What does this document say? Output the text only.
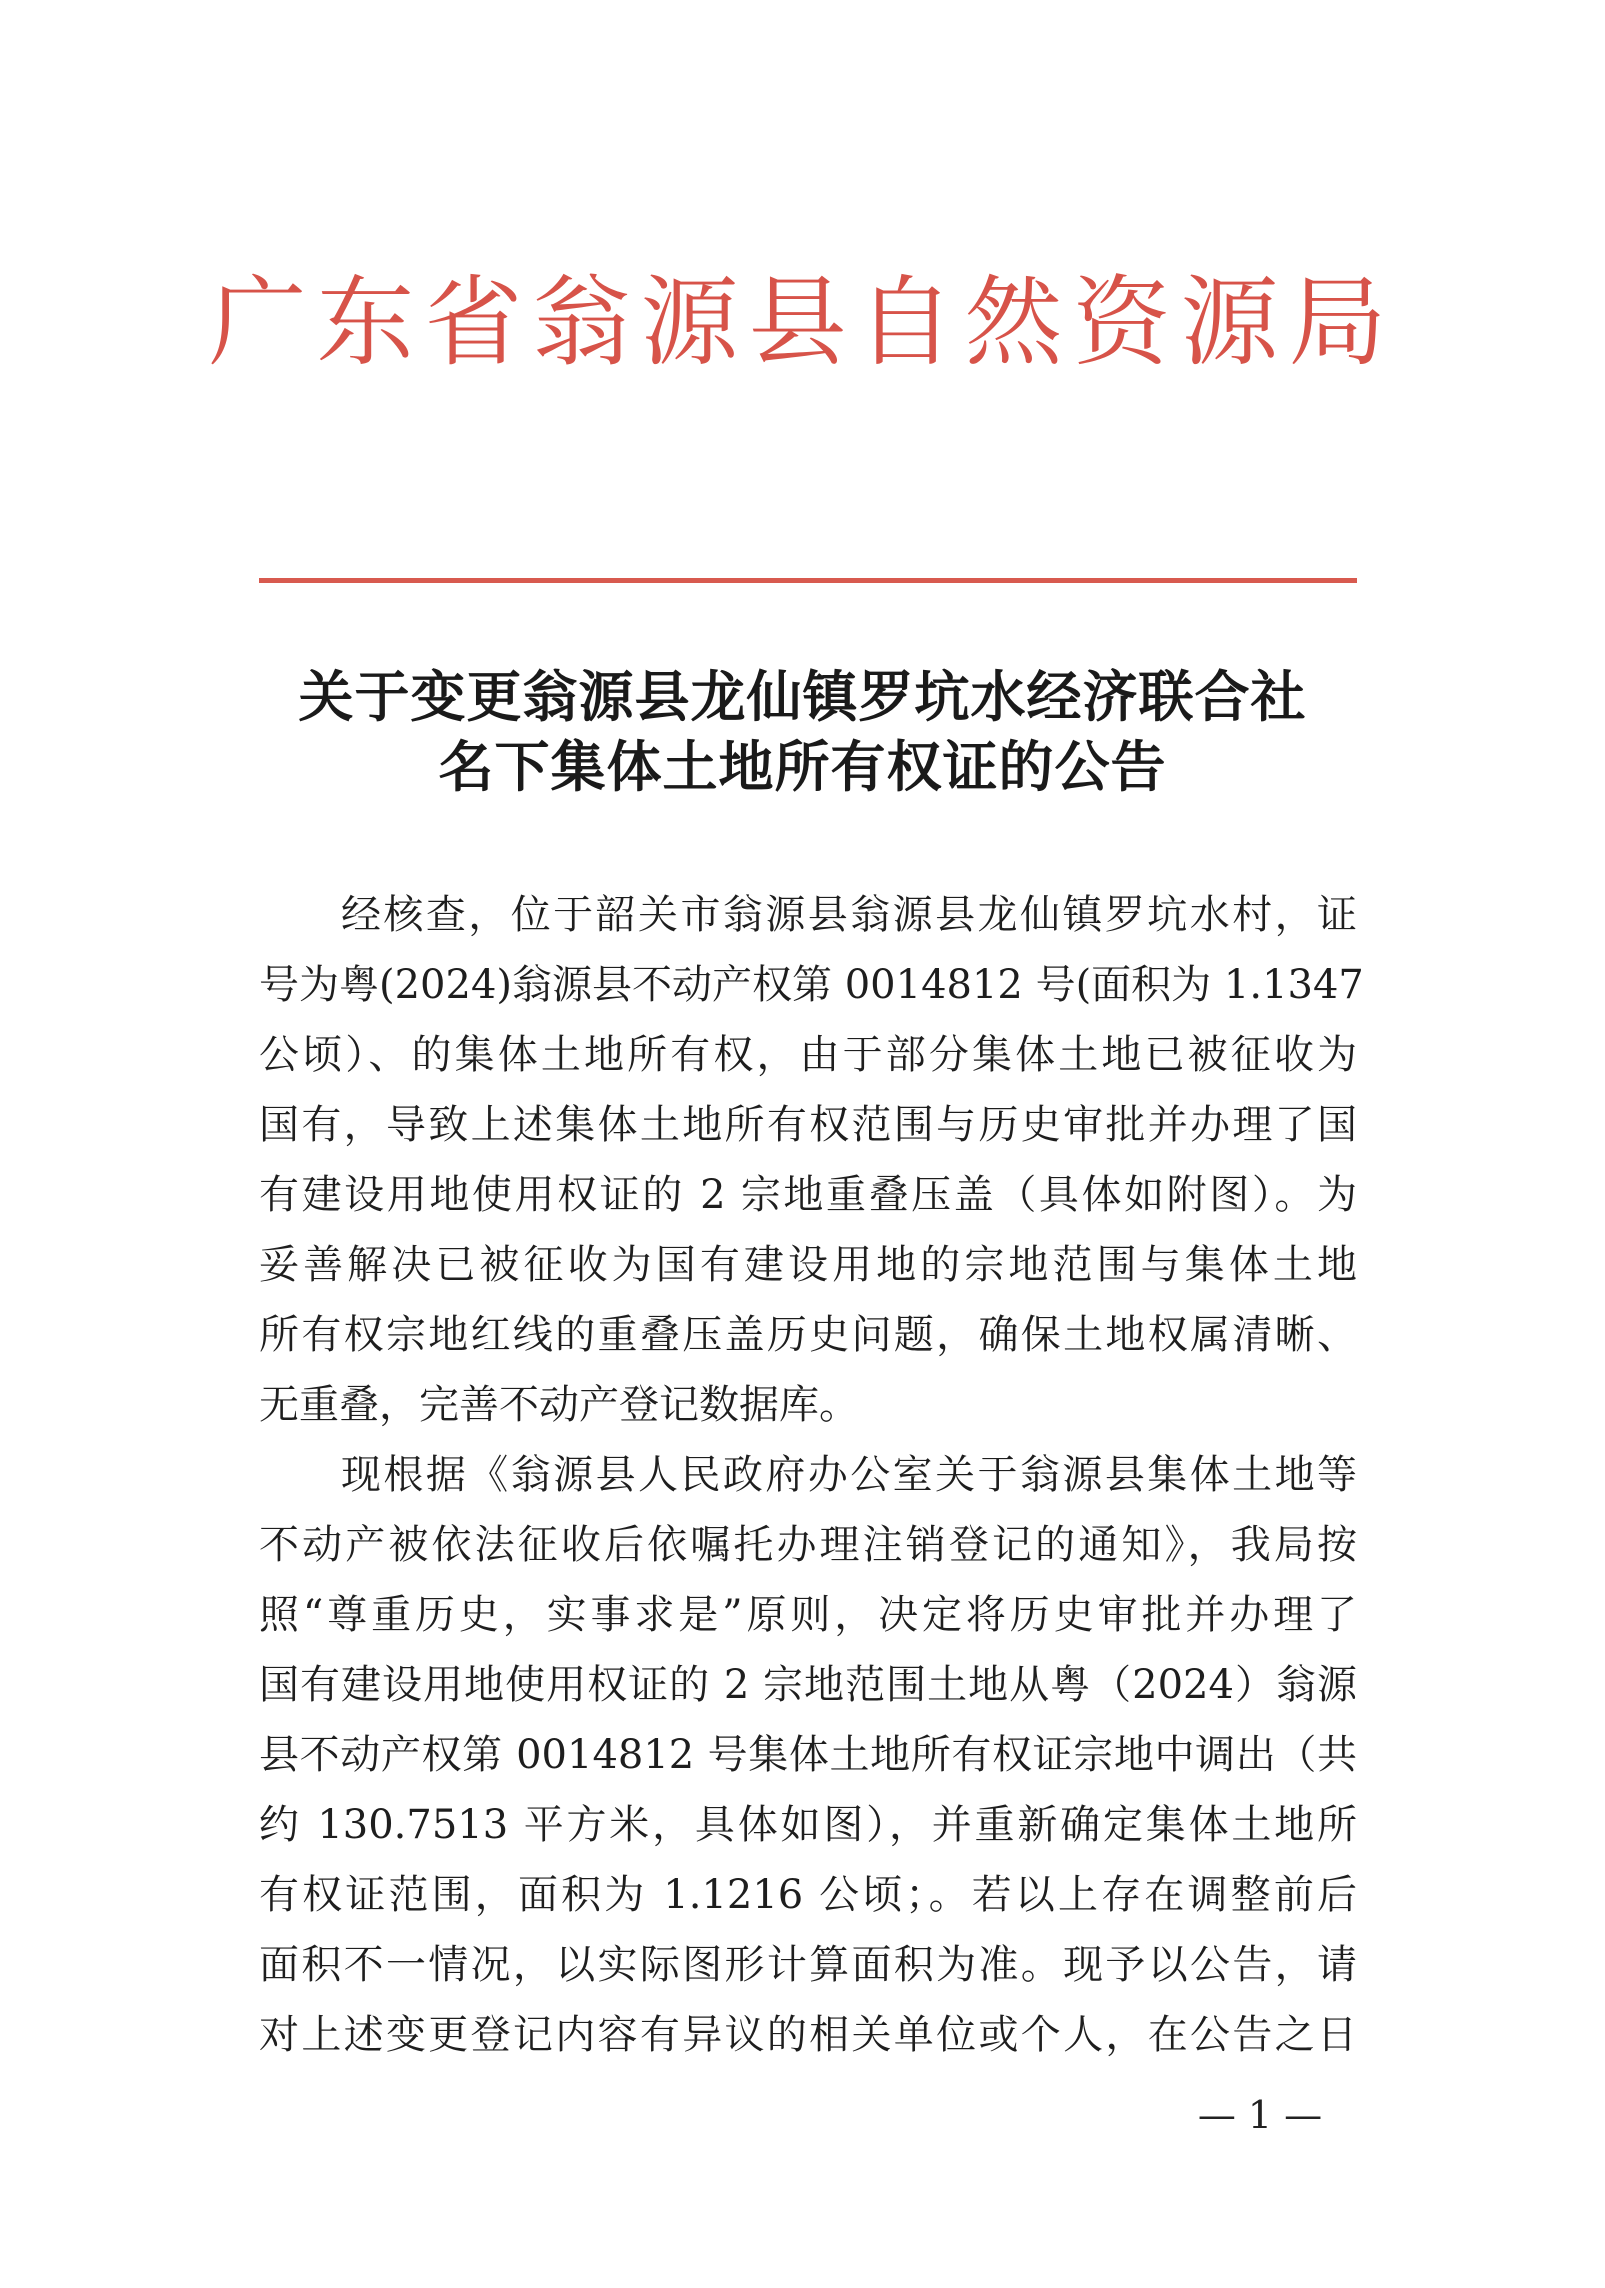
广东省翁源县自然资源局
关于变更翁源县龙仙镇罗坑水经济联合社
名下集体土地所有权证的公告
经核查，位于韶关市翁源县翁源县龙仙镇罗坑水村，证
号为粤(2024)翁源县不动产权第 0014812 号(面积为 1.1347
公顷）、的集体土地所有权，由于部分集体土地已被征收为
国有，导致上述集体土地所有权范围与历史审批并办理了国
有建设用地使用权证的 2 宗地重叠压盖（具体如附图）。为
妥善解决已被征收为国有建设用地的宗地范围与集体土地
所有权宗地红线的重叠压盖历史问题，确保土地权属清晰、
无重叠，完善不动产登记数据库。
现根据《翁源县人民政府办公室关于翁源县集体土地等
不动产被依法征收后依嘱托办理注销登记的通知》，我局按
照“尊重历史，实事求是”原则，决定将历史审批并办理了
国有建设用地使用权证的 2 宗地范围土地从粤（2024）翁源
县不动产权第 0014812 号集体土地所有权证宗地中调出（共
约 130.7513 平方米，具体如图），并重新确定集体土地所
有权证范围，面积为 1.1216 公顷；。若以上存在调整前后
面积不一情况，以实际图形计算面积为准。现予以公告，请
对上述变更登记内容有异议的相关单位或个人，在公告之日
— 1 —
